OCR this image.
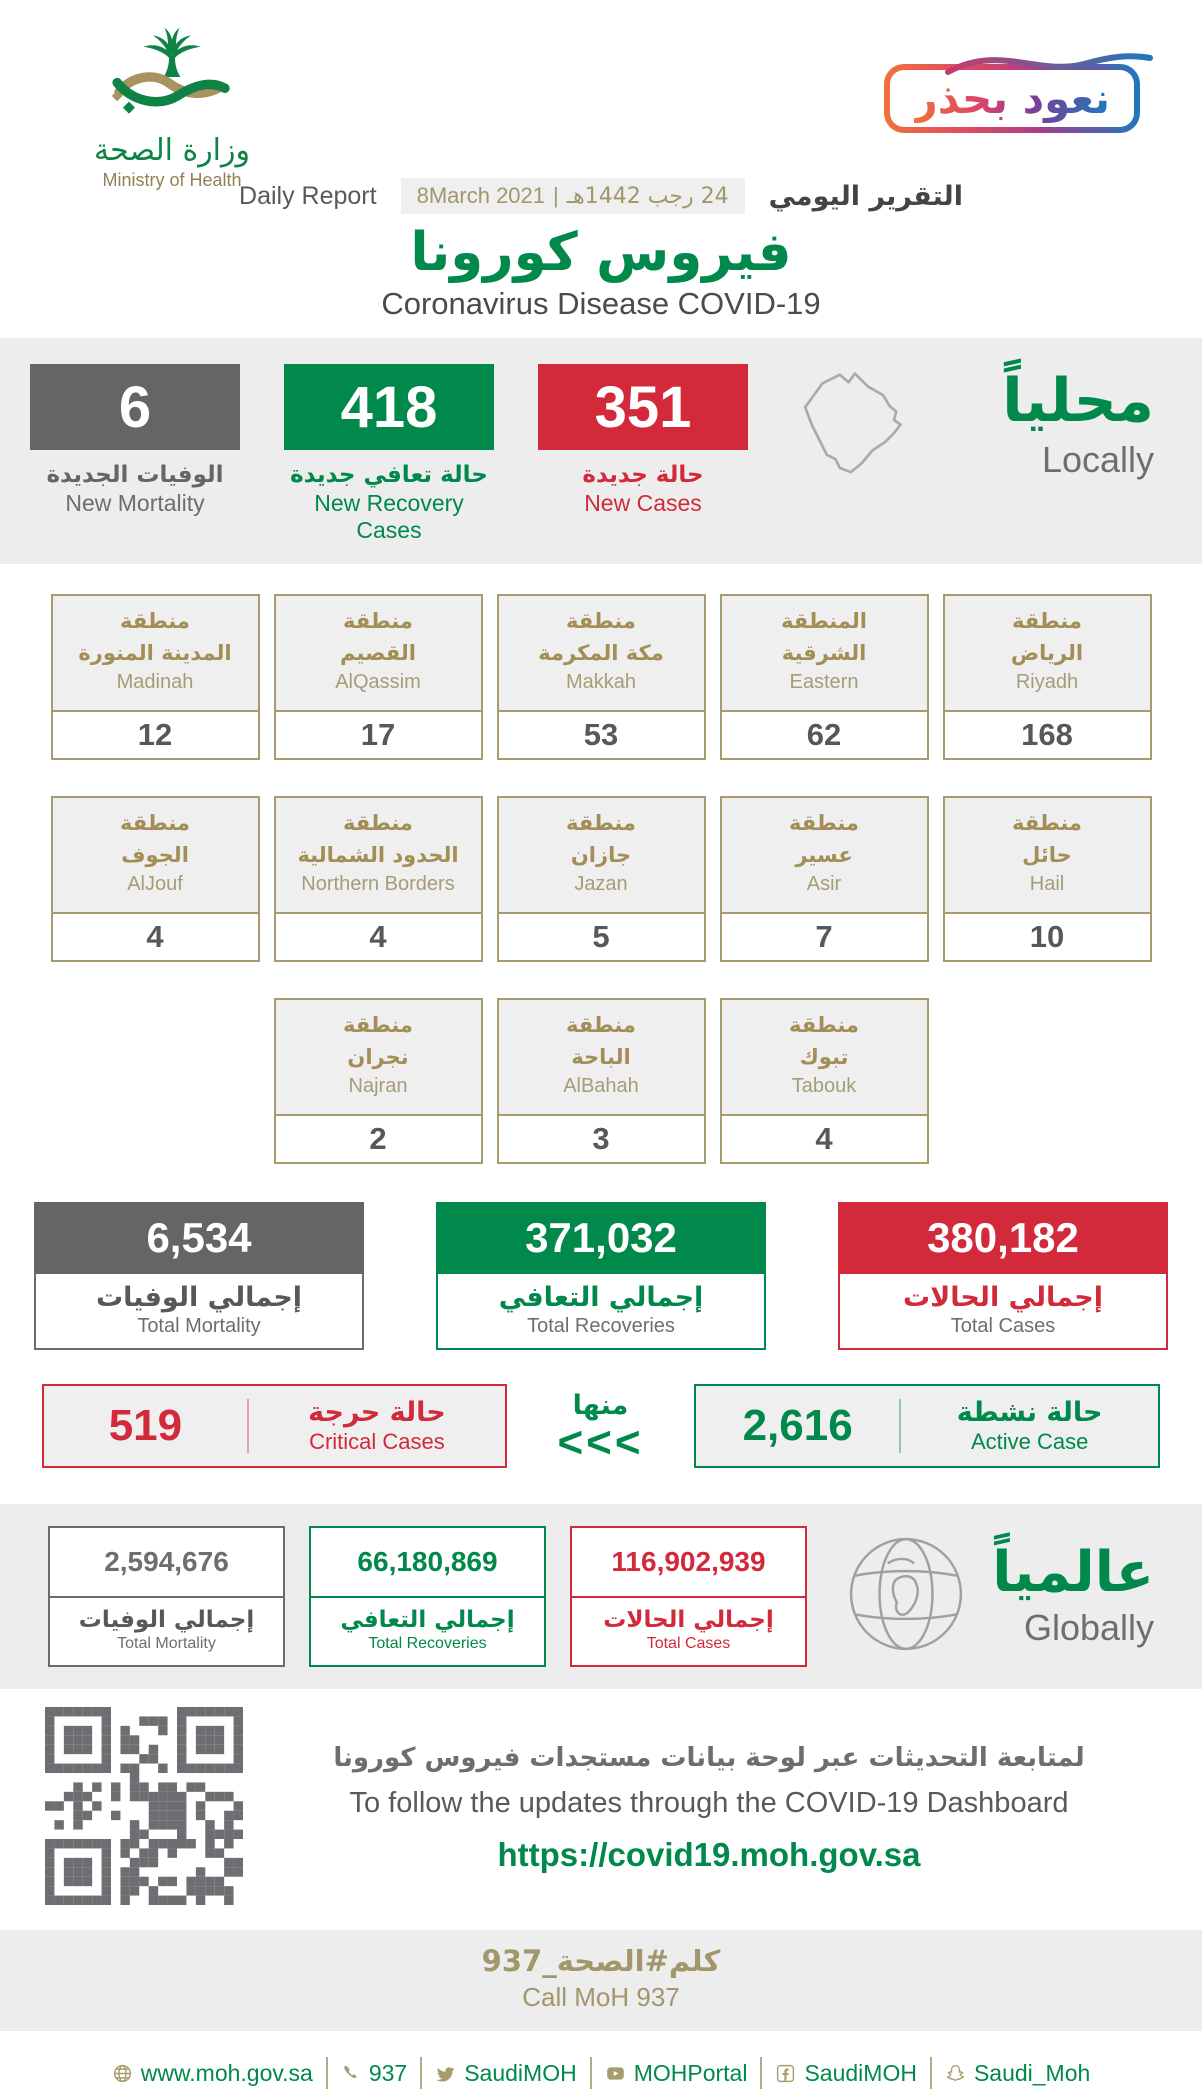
وزارة الصحة
Ministry of Health
نعود بحذر
Daily Report 8March 2021 | 24 رجب 1442هـ التقرير اليومي
فيروس كورونا
Coronavirus Disease COVID-19
6
الوفيات الجديدة
New Mortality
418
حالة تعافي جديدة
New Recovery Cases
351
حالة جديدة
New Cases
محلياً
Locally
منطقة
المدينة المنورة
Madinah
12
منطقة
القصيم
AlQassim
17
منطقة
مكة المكرمة
Makkah
53
المنطقة
الشرقية
Eastern
62
منطقة
الرياض
Riyadh
168
منطقة
الجوف
AlJouf
4
منطقة
الحدود الشمالية
Northern Borders
4
منطقة
جازان
Jazan
5
منطقة
عسير
Asir
7
منطقة
حائل
Hail
10
منطقة
نجران
Najran
2
منطقة
الباحة
AlBahah
3
منطقة
تبوك
Tabouk
4
6,534
إجمالي الوفيات
Total Mortality
371,032
إجمالي التعافي
Total Recoveries
380,182
إجمالي الحالات
Total Cases
519	حالة حرجة
Critical Cases
منها
<<<	2,616	حالة نشطة
Active Case
2,594,676
إجمالي الوفيات
Total Mortality
66,180,869
إجمالي التعافي
Total Recoveries
116,902,939
إجمالي الحالات
Total Cases
عالمياً
Globally
لمتابعة التحديثات عبر لوحة بيانات مستجدات فيروس كورونا
To follow the updates through the COVID-19 Dashboard
https://covid19.moh.gov.sa
كلم#الصحة_937
Call MoH 937
www.moh.gov.sa 937 SaudiMOH MOHPortal SaudiMOH Saudi_Moh
